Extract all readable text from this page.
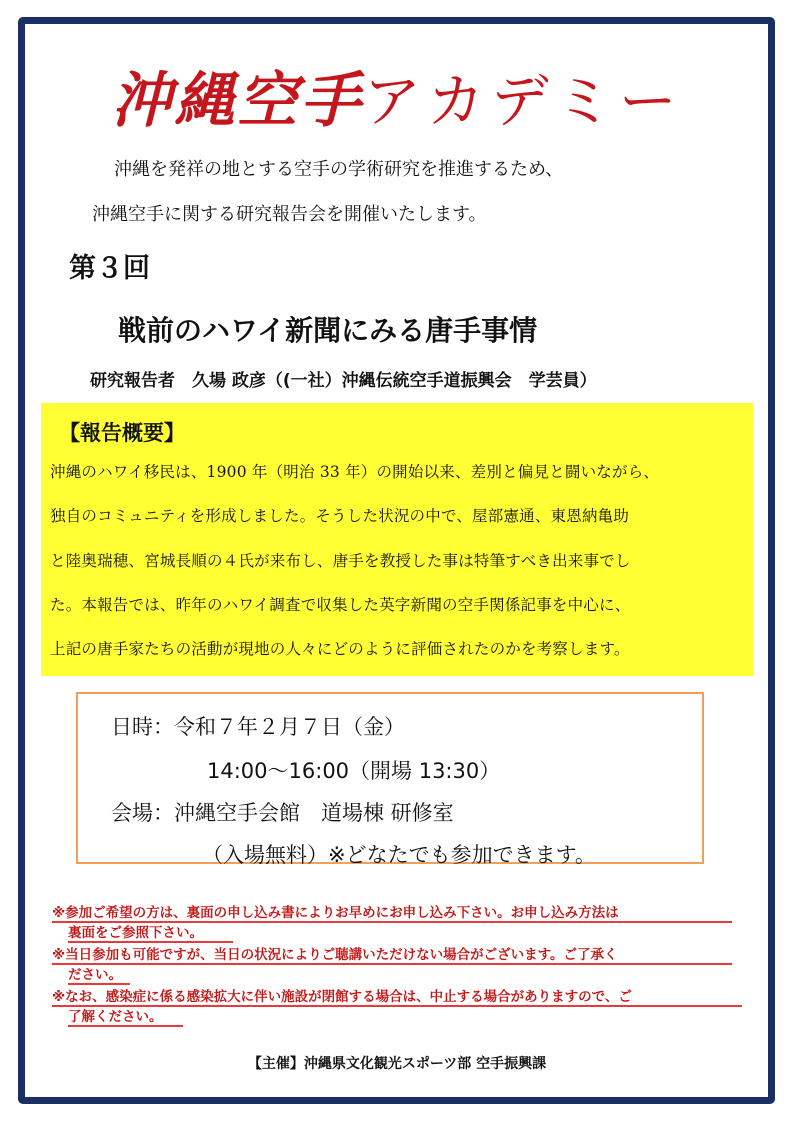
沖縄空手アカデミー
沖縄を発祥の地とする空手の学術研究を推進するため、
沖縄空手に関する研究報告会を開催いたします。
第３回
戦前のハワイ新聞にみる唐手事情
研究報告者　久場 政彦（(一社）沖縄伝統空手道振興会　学芸員）
【報告概要】
沖縄のハワイ移民は、1900 年（明治 33 年）の開始以来、差別と偏見と闘いながら、
独自のコミュニティを形成しました。そうした状況の中で、屋部憲通、東恩納亀助
と陸奥瑞穂、宮城長順の４氏が来布し、唐手を教授した事は特筆すべき出来事でし
た。本報告では、昨年のハワイ調査で収集した英字新聞の空手関係記事を中心に、
上記の唐手家たちの活動が現地の人々にどのように評価されたのかを考察します。
日時：令和７年２月７日（金）
14:00～16:00（開場 13:30）
会場：沖縄空手会館　道場棟 研修室
（入場無料）※どなたでも参加できます。
※参加ご希望の方は、裏面の申し込み書によりお早めにお申し込み下さい。お申し込み方法は
裏面をご参照下さい。
※当日参加も可能ですが、当日の状況によりご聴講いただけない場合がございます。ご了承く
ださい。
※なお、感染症に係る感染拡大に伴い施設が閉館する場合は、中止する場合がありますので、ご
了解ください。
【主催】沖縄県文化観光スポーツ部 空手振興課
